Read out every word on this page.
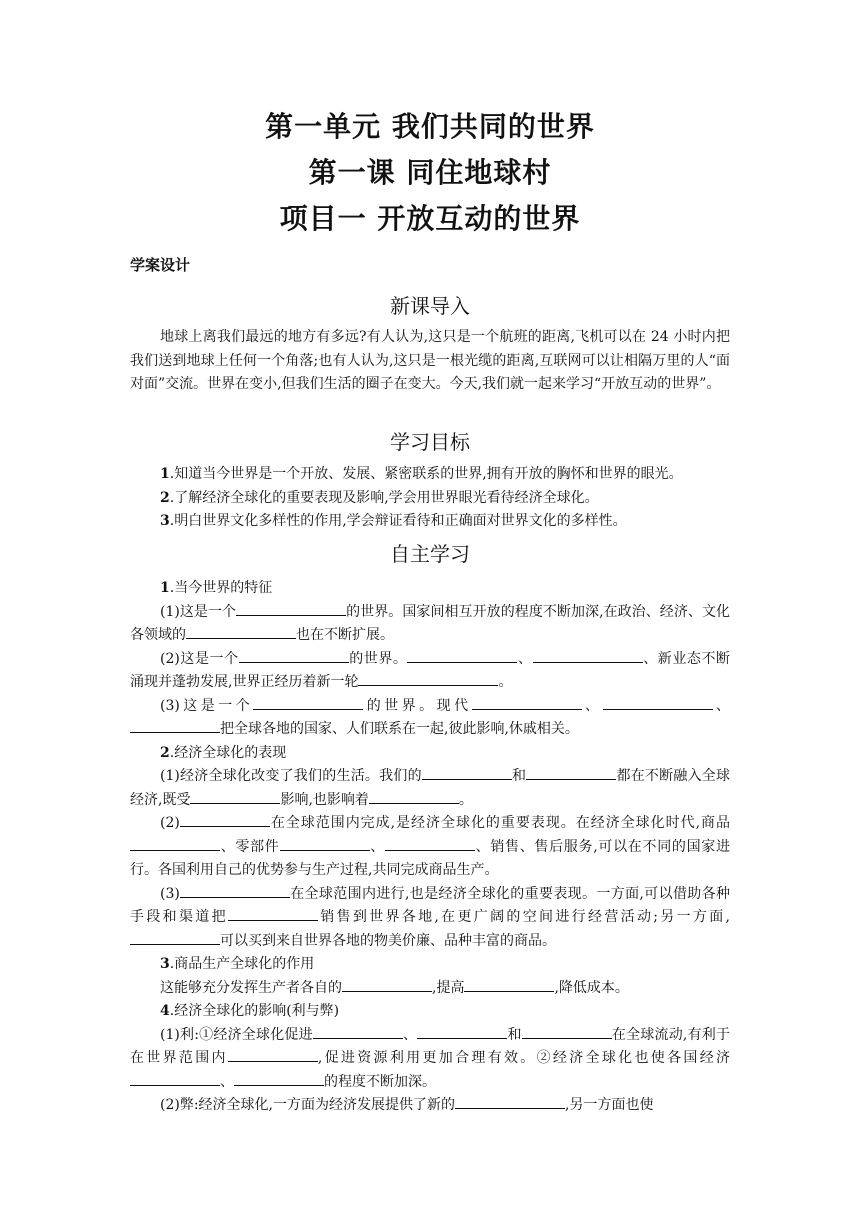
第一单元 我们共同的世界
第一课 同住地球村
项目一 开放互动的世界
学案设计
新课导入

地球上离我们最远的地方有多远?有人认为,这只是一个航班的距离,飞机可以在 24 小时内把我们送到地球上任何一个角落;也有人认为,这只是一根光缆的距离,互联网可以让相隔万里的人“面对面”交流。世界在变小,但我们生活的圈子在变大。今天,我们就一起来学习“开放互动的世界”。

学习目标

1.知道当今世界是一个开放、发展、紧密联系的世界,拥有开放的胸怀和世界的眼光。

2.了解经济全球化的重要表现及影响,学会用世界眼光看待经济全球化。

3.明白世界文化多样性的作用,学会辩证看待和正确面对世界文化的多样性。

自主学习

1.当今世界的特征

(1)这是一个	的世界。国家间相互开放的程度不断加深,在政治、经济、文化各领域的	也在不断扩展。

(2)这是一个	的世界。	、	、新业态不断涌现并蓬勃发展,世界正经历着新一轮	。

(3)这是一个	的世界。现代	、	、把全球各地的国家、人们联系在一起,彼此影响,休戚相关。

2.经济全球化的表现

(1)经济全球化改变了我们的生活。我们的	和	都在不断融入全球经济,既受	影响,也影响着	。

(2)	在全球范围内完成,是经济全球化的重要表现。在经济全球化时代,商品、零部件	、	、销售、售后服务,可以在不同的国家进行。各国利用自己的优势参与生产过程,共同完成商品生产。

(3)	在全球范围内进行,也是经济全球化的重要表现。一方面,可以借助各种手段和渠道把	销售到世界各地,在更广阔的空间进行经营活动;另一方面,可以买到来自世界各地的物美价廉、品种丰富的商品。

3.商品生产全球化的作用

这能够充分发挥生产者各自的	,提高	,降低成本。

4.经济全球化的影响(利与弊)

(1)利:①经济全球化促进	、	和	在全球流动,有利于在世界范围内	,促进资源利用更加合理有效。②经济全球化也使各国经济、	的程度不断加深。

(2)弊:经济全球化,一方面为经济发展提供了新的	,另一方面也使
